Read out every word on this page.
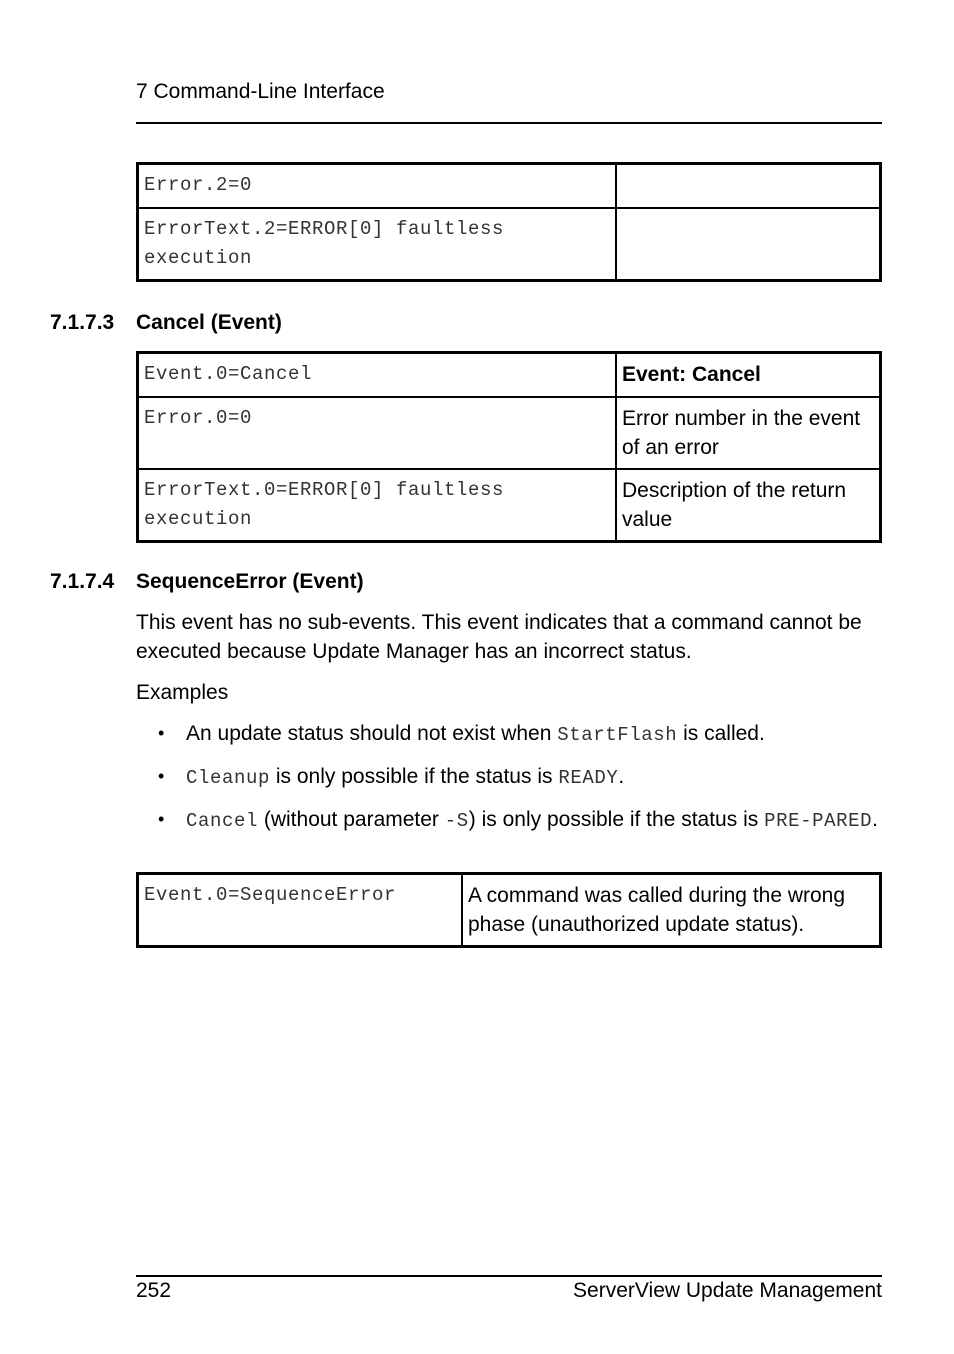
7 Command-Line Interface
Error.2=0	
ErrorText.2=ERROR[0] faultless execution	
7.1.7.3 Cancel (Event)
Event.0=Cancel	Event: Cancel
Error.0=0	Error number in the event of an error
ErrorText.0=ERROR[0] faultless execution	Description of the return value
7.1.7.4 SequenceError (Event)
This event has no sub-events. This event indicates that a command cannot be executed because Update Manager has an incorrect status.
Examples
• An update status should not exist when StartFlash is called.
• Cleanup is only possible if the status is READY.
• Cancel (without parameter -S) is only possible if the status is PRE-PARED.
Event.0=SequenceError	A command was called during the wrong phase (unauthorized update status).
252	ServerView Update Management
